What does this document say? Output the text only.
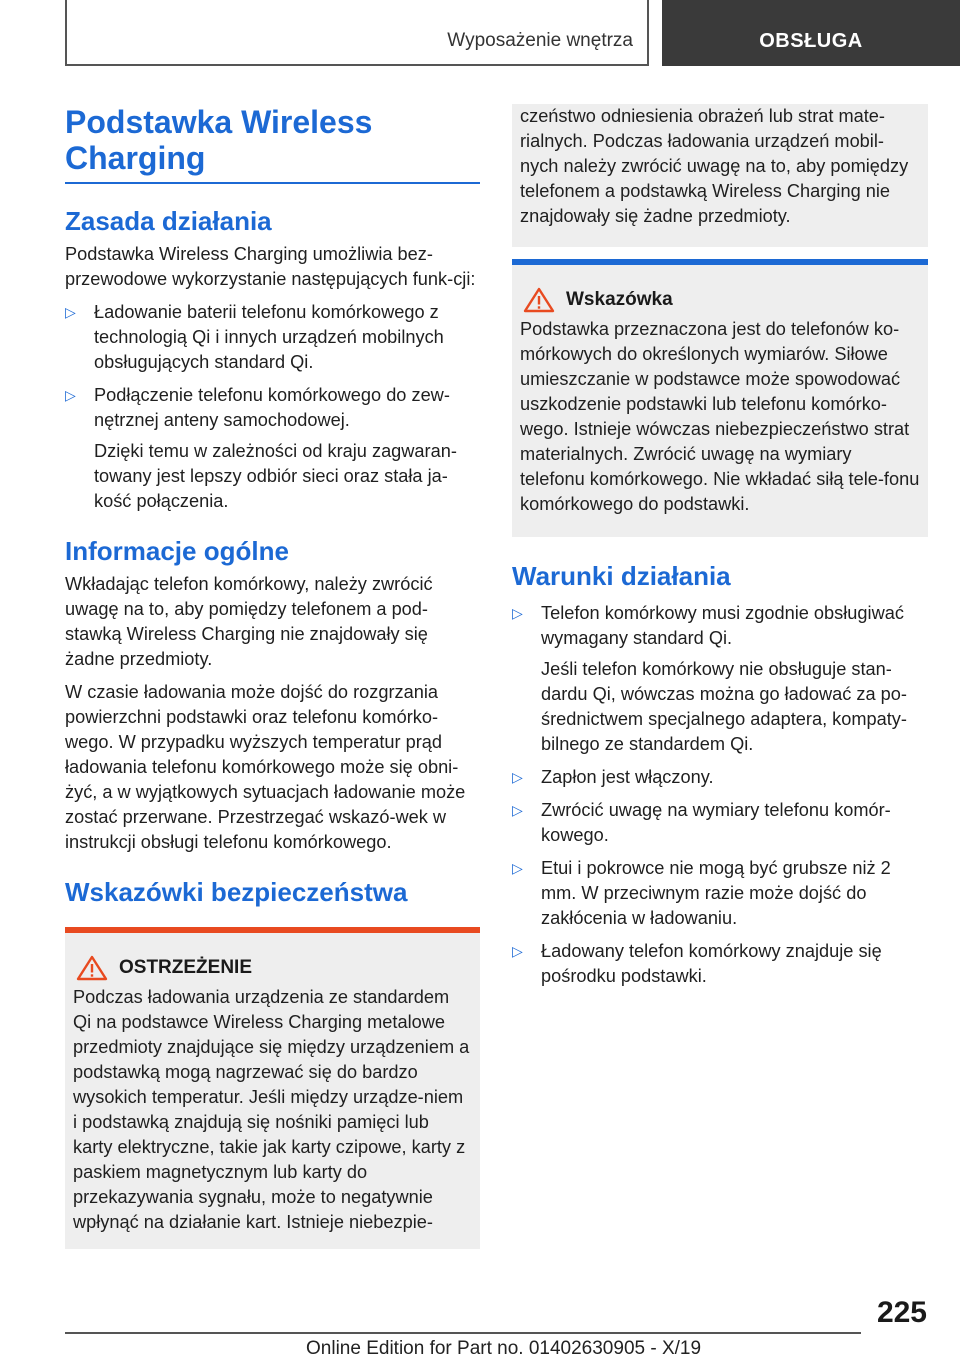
Wyposażenie wnętrza	OBSŁUGA
Podstawka Wireless Charging
Zasada działania
Podstawka Wireless Charging umożliwia bez-przewodowe wykorzystanie następujących funk-cji:
▷ Ładowanie baterii telefonu komórkowego z technologią Qi i innych urządzeń mobilnych obsługujących standard Qi.
▷ Podłączenie telefonu komórkowego do zew-nętrznej anteny samochodowej.
Dzięki temu w zależności od kraju zagwaran-towany jest lepszy odbiór sieci oraz stała ja-kość połączenia.
Informacje ogólne
Wkładając telefon komórkowy, należy zwrócić uwagę na to, aby pomiędzy telefonem a pod-stawką Wireless Charging nie znajdowały się żadne przedmioty.
W czasie ładowania może dojść do rozgrzania powierzchni podstawki oraz telefonu komórko-wego. W przypadku wyższych temperatur prąd ładowania telefonu komórkowego może się obni-żyć, a w wyjątkowych sytuacjach ładowanie może zostać przerwane. Przestrzegać wskazó-wek w instrukcji obsługi telefonu komórkowego.
Wskazówki bezpieczeństwa
OSTRZEŻENIE
Podczas ładowania urządzenia ze standardem Qi na podstawce Wireless Charging metalowe przedmioty znajdujące się między urządzeniem a podstawką mogą nagrzewać się do bardzo wysokich temperatur. Jeśli między urządze-niem i podstawką znajdują się nośniki pamięci lub karty elektryczne, takie jak karty czipowe, karty z paskiem magnetycznym lub karty do przekazywania sygnału, może to negatywnie wpłynąć na działanie kart. Istnieje niebezpie-
czeństwo odniesienia obrażeń lub strat mate-rialnych. Podczas ładowania urządzeń mobil-nych należy zwrócić uwagę na to, aby pomiędzy telefonem a podstawką Wireless Charging nie znajdowały się żadne przedmioty.
Wskazówka
Podstawka przeznaczona jest do telefonów ko-mórkowych do określonych wymiarów. Siłowe umieszczanie w podstawce może spowodować uszkodzenie podstawki lub telefonu komórko-wego. Istnieje wówczas niebezpieczeństwo strat materialnych. Zwrócić uwagę na wymiary telefonu komórkowego. Nie wkładać siłą tele-fonu komórkowego do podstawki.
Warunki działania
▷ Telefon komórkowy musi zgodnie obsługiwać wymagany standard Qi.
Jeśli telefon komórkowy nie obsługuje stan-dardu Qi, wówczas można go ładować za po-średnictwem specjalnego adaptera, kompaty-bilnego ze standardem Qi.
▷ Zapłon jest włączony.
▷ Zwrócić uwagę na wymiary telefonu komór-kowego.
▷ Etui i pokrowce nie mogą być grubsze niż 2 mm. W przeciwnym razie może dojść do zakłócenia w ładowaniu.
▷ Ładowany telefon komórkowy znajduje się pośrodku podstawki.
225
Online Edition for Part no. 01402630905 - X/19
